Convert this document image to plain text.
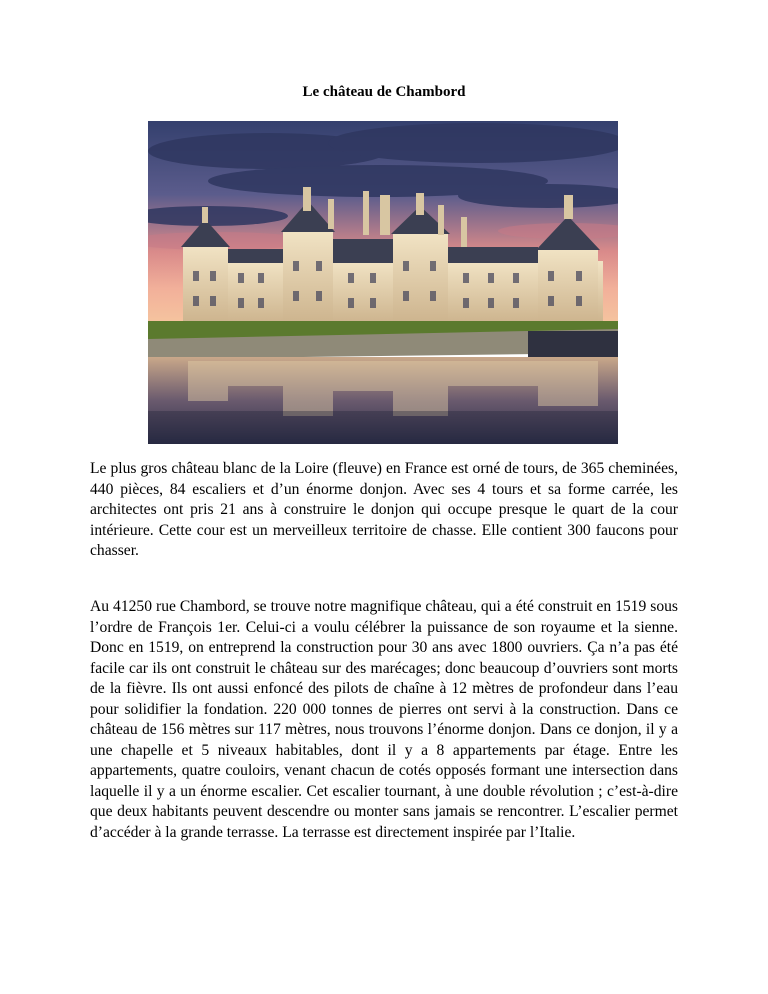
Le château de Chambord

Le plus gros château blanc de la Loire (fleuve) en France est orné de tours, de 365 cheminées, 440 pièces, 84 escaliers et d’un énorme donjon. Avec ses 4 tours et sa forme carrée, les architectes ont pris 21 ans à construire le donjon qui occupe presque le quart de la cour intérieure. Cette cour est un merveilleux territoire de chasse. Elle contient 300 faucons pour chasser.

Au 41250 rue Chambord, se trouve notre magnifique château, qui a été construit en 1519 sous l’ordre de François 1er. Celui-ci a voulu célébrer la puissance de son royaume et la sienne. Donc en 1519, on entreprend la construction pour 30 ans avec 1800 ouvriers. Ça n’a pas été facile car ils ont construit le château sur des marécages; donc beaucoup d’ouvriers sont morts de la fièvre. Ils ont aussi enfoncé des pilots de chaîne à 12 mètres de profondeur dans l’eau pour solidifier la fondation. 220 000 tonnes de pierres ont servi à la construction. Dans ce château de 156 mètres sur 117 mètres, nous trouvons l’énorme donjon. Dans ce donjon, il y a une chapelle et 5 niveaux habitables, dont il y a 8 appartements par étage. Entre les appartements, quatre couloirs, venant chacun de cotés opposés formant une intersection dans laquelle il y a un énorme escalier. Cet escalier tournant, à une double révolution ; c’est-à-dire que deux habitants peuvent descendre ou monter sans jamais se rencontrer. L’escalier permet d’accéder à la grande terrasse. La terrasse est directement inspirée par l’Italie.
